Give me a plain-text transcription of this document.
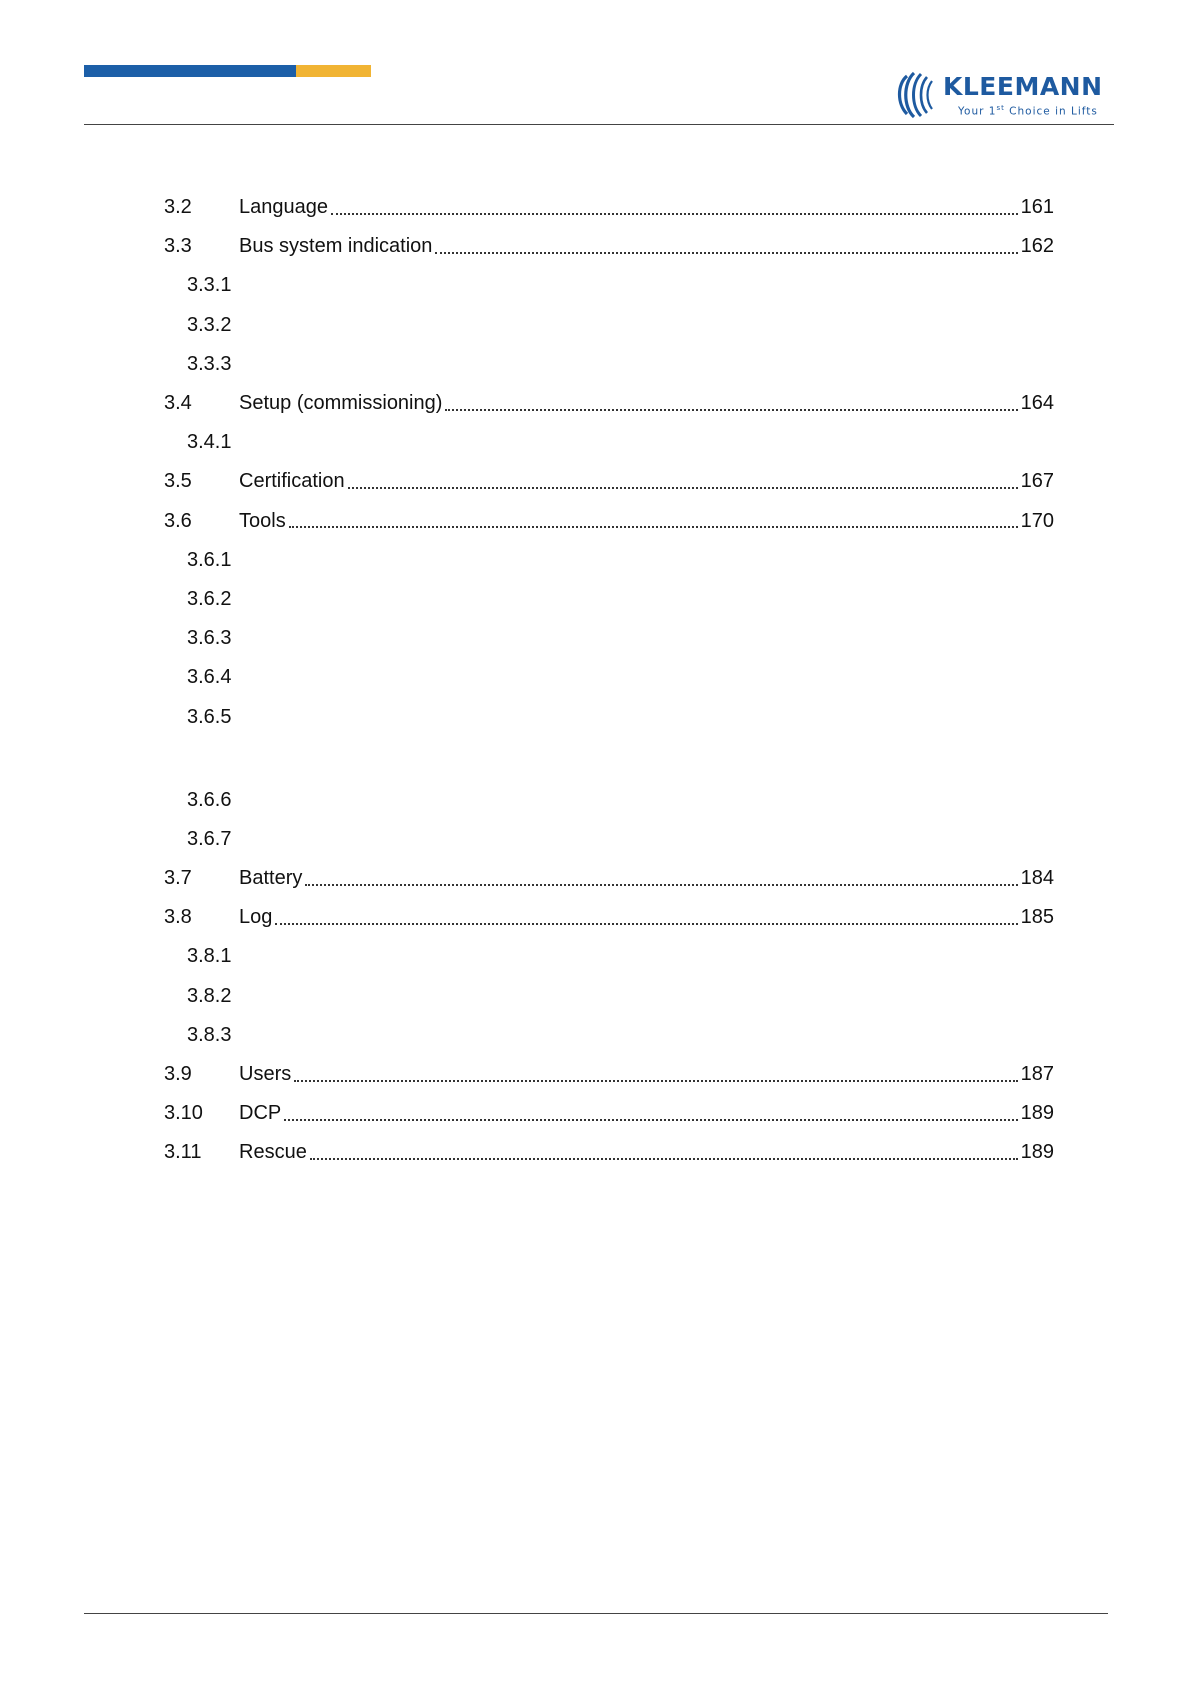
KLEEMANN
Your 1st Choice in Lifts
3.2	Language	161
3.3	Bus system indication	162
3.3.1
3.3.2
3.3.3
3.4	Setup (commissioning)	164
3.4.1
3.5	Certification	167
3.6	Tools	170
3.6.1
3.6.2
3.6.3
3.6.4
3.6.5
3.6.6
3.6.7
3.7	Battery	184
3.8	Log	185
3.8.1
3.8.2
3.8.3
3.9	Users	187
3.10	DCP	189
3.11	Rescue	189
